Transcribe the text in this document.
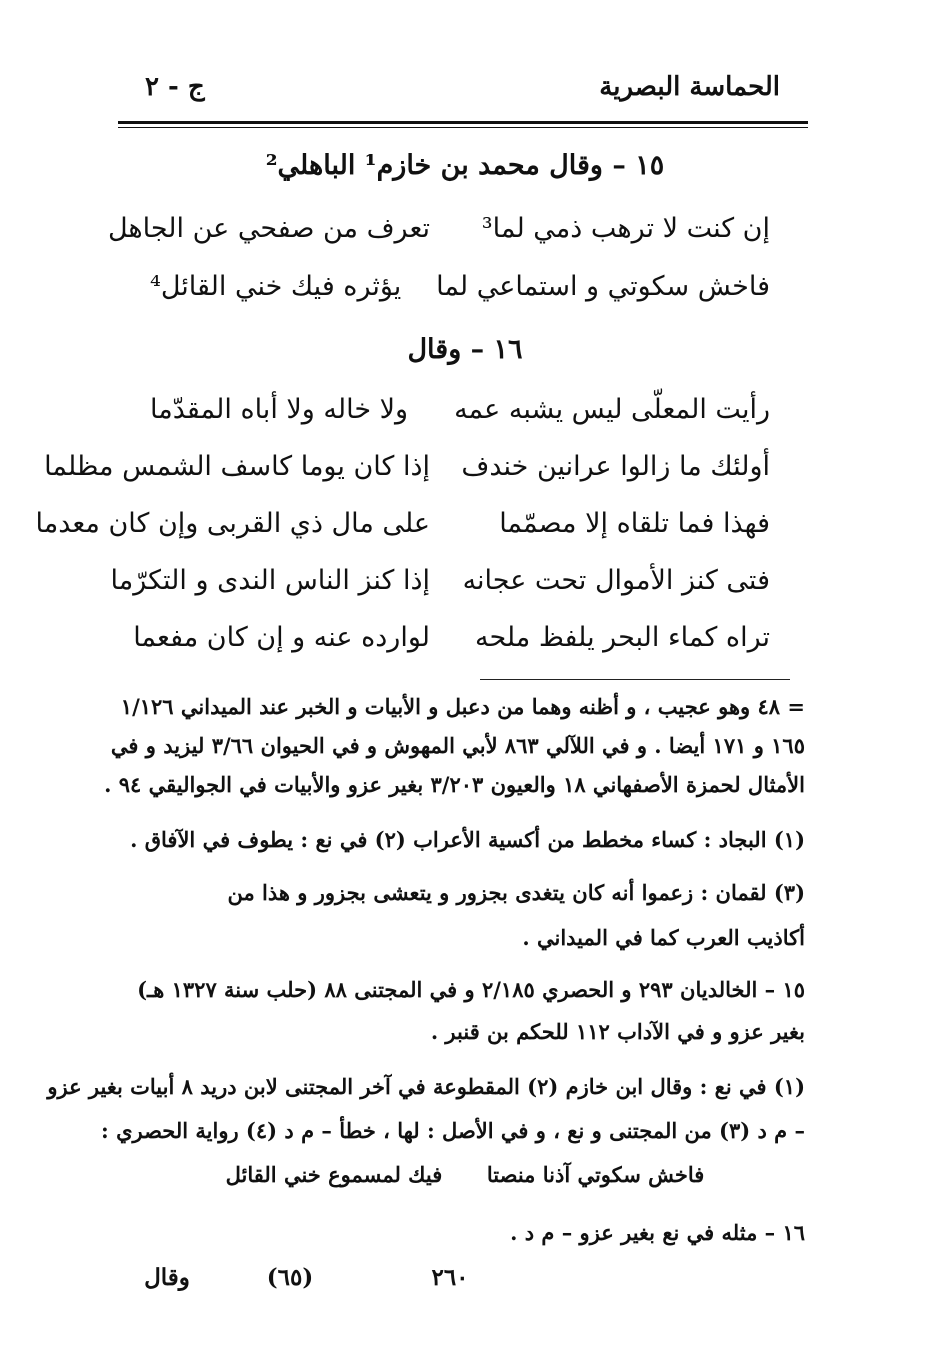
الحماسة البصرية
ج - ٢
١٥ – وقال محمد بن خازم¹ الباهلي²
إن كنت لا ترهب ذمي لما³
تعرف من صفحي عن الجاهل
فاخش سكوتي و استماعي لما
يؤثره فيك خني القائل⁴
١٦ – وقال
رأيت المعلّى ليس يشبه عمه
ولا خاله ولا أباه المقدّما
أولئك ما زالوا عرانين خندف
إذا كان يوما كاسف الشمس مظلما
فهذا فما تلقاه إلا مصمّما
على مال ذي القربى وإن كان معدما
فتى كنز الأموال تحت عجانه
إذا كنز الناس الندى و التكرّما
تراه كماء البحر يلفظ ملحه
لوارده عنه و إن كان مفعما
= ٤٨ وهو عجيب ، و أظنه وهما من دعبل و الأبيات و الخبر عند الميداني ١/١٢٦
١٦٥ و ١٧١ أيضا . و في اللآلي ٨٦٣ لأبي المهوش و في الحيوان ٣/٦٦ ليزيد و في
الأمثال لحمزة الأصفهاني ١٨ والعيون ٣/٢٠٣ بغير عزو والأبيات في الجواليقي ٩٤ .
(١) البجاد : كساء مخطط من أكسية الأعراب (٢) في نع : يطوف في الآفاق .
(٣) لقمان : زعموا أنه كان يتغدى بجزور و يتعشى بجزور و هذا من
أكاذيب العرب كما في الميداني .
١٥ – الخالديان ٢٩٣ و الحصري ٢/١٨٥ و في المجتنى ٨٨ (حلب سنة ١٣٢٧ هـ)
بغير عزو و في الآداب ١١٢ للحكم بن قنبر .
(١) في نع : وقال ابن خازم (٢) المقطوعة في آخر المجتنى لابن دريد ٨ أبيات بغير عزو
– م د (٣) من المجتنى و نع ، و في الأصل : لها ، خطأ – م د (٤) رواية الحصري :
فاخش سكوتي آذنا منصتا  فيك لمسموع خني القائل
١٦ – مثله في نع بغير عزو – م د .
وقال	(٦٥)	٢٦٠
